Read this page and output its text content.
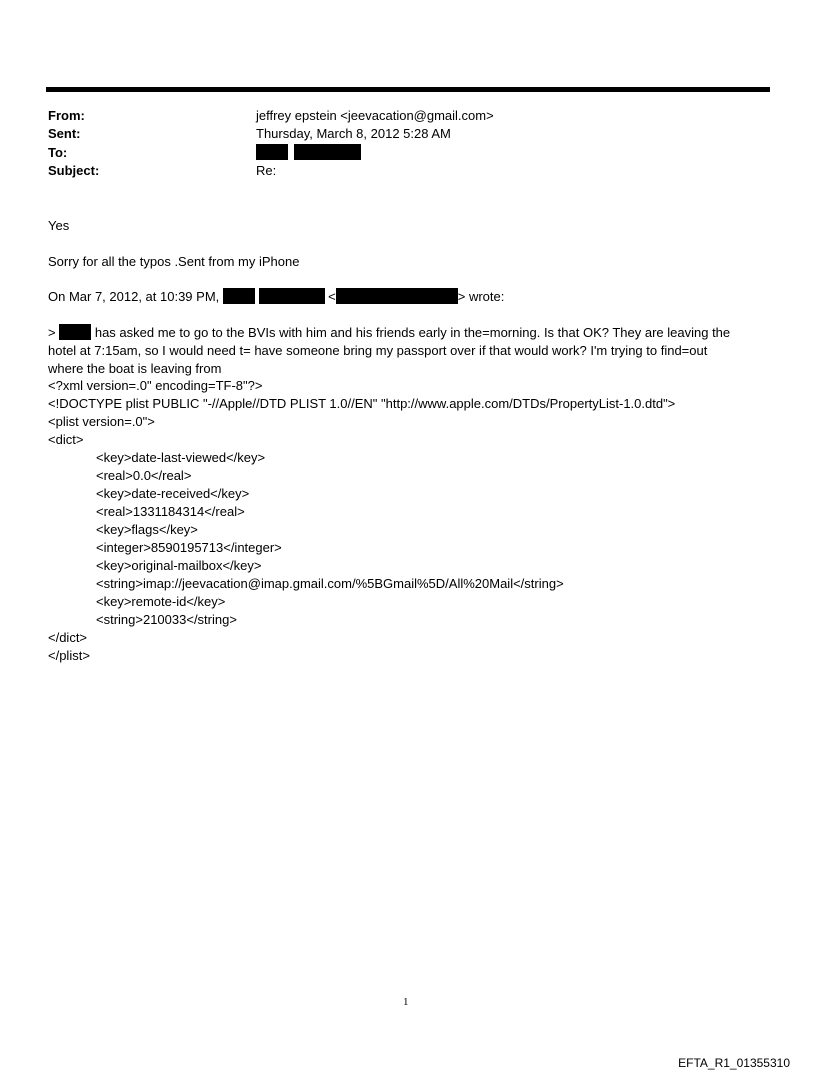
From:	jeffrey epstein <jeevacation@gmail.com>
Sent:	Thursday, March 8, 2012 5:28 AM
To:

Subject:	Re:
Yes
Sorry for all the typos .Sent from my iPhone
On Mar 7, 2012, at 10:39 PM,	<	> wrote:
>	has asked me to go to the BVIs with him and his friends early in the=morning. Is that OK? They are leaving the
hotel at 7:15am, so I would need t= have someone bring my passport over if that would work? I'm trying to find=out
where the boat is leaving from
<?xml version=.0" encoding=TF-8"?>
<!DOCTYPE plist PUBLIC "-//Apple//DTD PLIST 1.0//EN" "http://www.apple.com/DTDs/PropertyList-1.0.dtd">
<plist version=.0">
<dict>
<key>date-last-viewed</key>
<real>0.0</real>
<key>date-received</key>
<real>1331184314</real>
<key>flags</key>
<integer>8590195713</integer>
<key>original-mailbox</key>
<string>imap://jeevacation@imap.gmail.com/%5BGmail%5D/All%20Mail</string>
<key>remote-id</key>
<string>210033</string>
</dict>
</plist>
1
EFTA_R1_01355310
